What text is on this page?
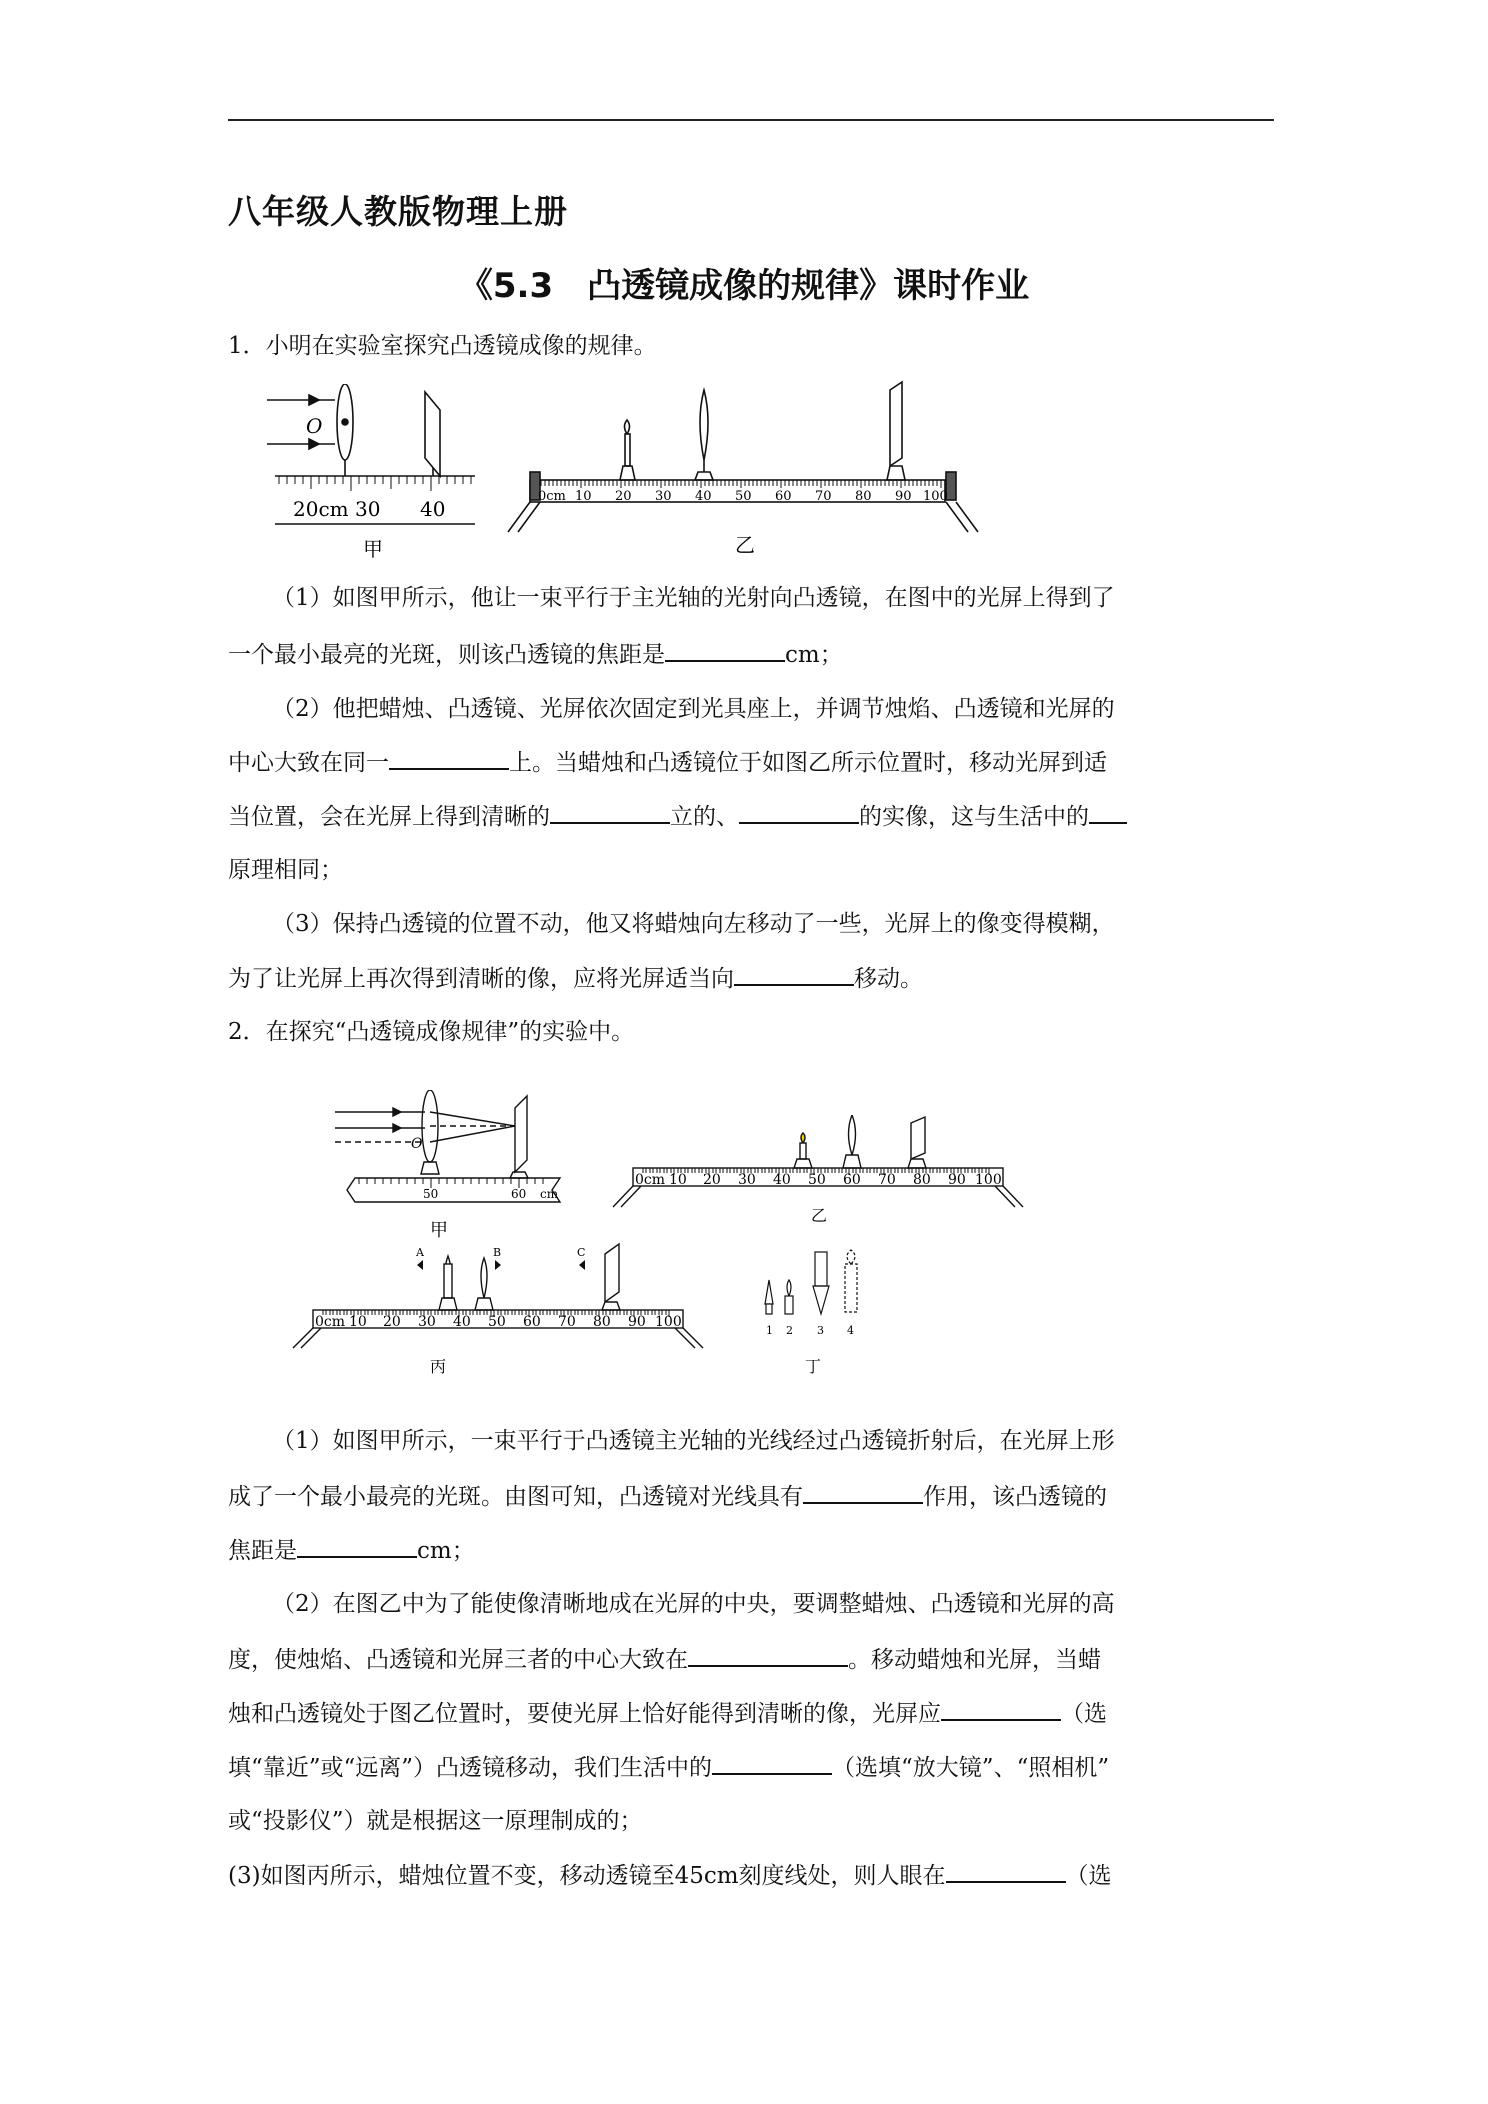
八年级人教版物理上册
《5.3　凸透镜成像的规律》课时作业
1．小明在实验室探究凸透镜成像的规律。
O
20cm 30 40
甲
0cm 10 20 30 40 50 60 70 80 90 100
乙
（1）如图甲所示，他让一束平行于主光轴的光射向凸透镜，在图中的光屏上得到了
一个最小最亮的光斑，则该凸透镜的焦距是	cm；
（2）他把蜡烛、凸透镜、光屏依次固定到光具座上，并调节烛焰、凸透镜和光屏的
中心大致在同一	上。当蜡烛和凸透镜位于如图乙所示位置时，移动光屏到适
当位置，会在光屏上得到清晰的	立的、	的实像，这与生活中的
原理相同；
（3）保持凸透镜的位置不动，他又将蜡烛向左移动了一些，光屏上的像变得模糊，
为了让光屏上再次得到清晰的像，应将光屏适当向	移动。
2．在探究“凸透镜成像规律”的实验中。
O
50	60 cm
甲
0cm 10 20 30 40 50 60 70 80 90 100
乙
A	B	C
0cm 10 20 30 40 50 60 70 80 90 100
丙
1 2 3 4
丁
（1）如图甲所示，一束平行于凸透镜主光轴的光线经过凸透镜折射后，在光屏上形
成了一个最小最亮的光斑。由图可知，凸透镜对光线具有	作用，该凸透镜的
焦距是	cm；
（2）在图乙中为了能使像清晰地成在光屏的中央，要调整蜡烛、凸透镜和光屏的高
度，使烛焰、凸透镜和光屏三者的中心大致在	。移动蜡烛和光屏，当蜡
烛和凸透镜处于图乙位置时，要使光屏上恰好能得到清晰的像，光屏应	（选
填“靠近”或“远离”）凸透镜移动，我们生活中的	（选填“放大镜”、“照相机”
或“投影仪”）就是根据这一原理制成的；
(3)如图丙所示，蜡烛位置不变，移动透镜至45cm刻度线处，则人眼在	（选
